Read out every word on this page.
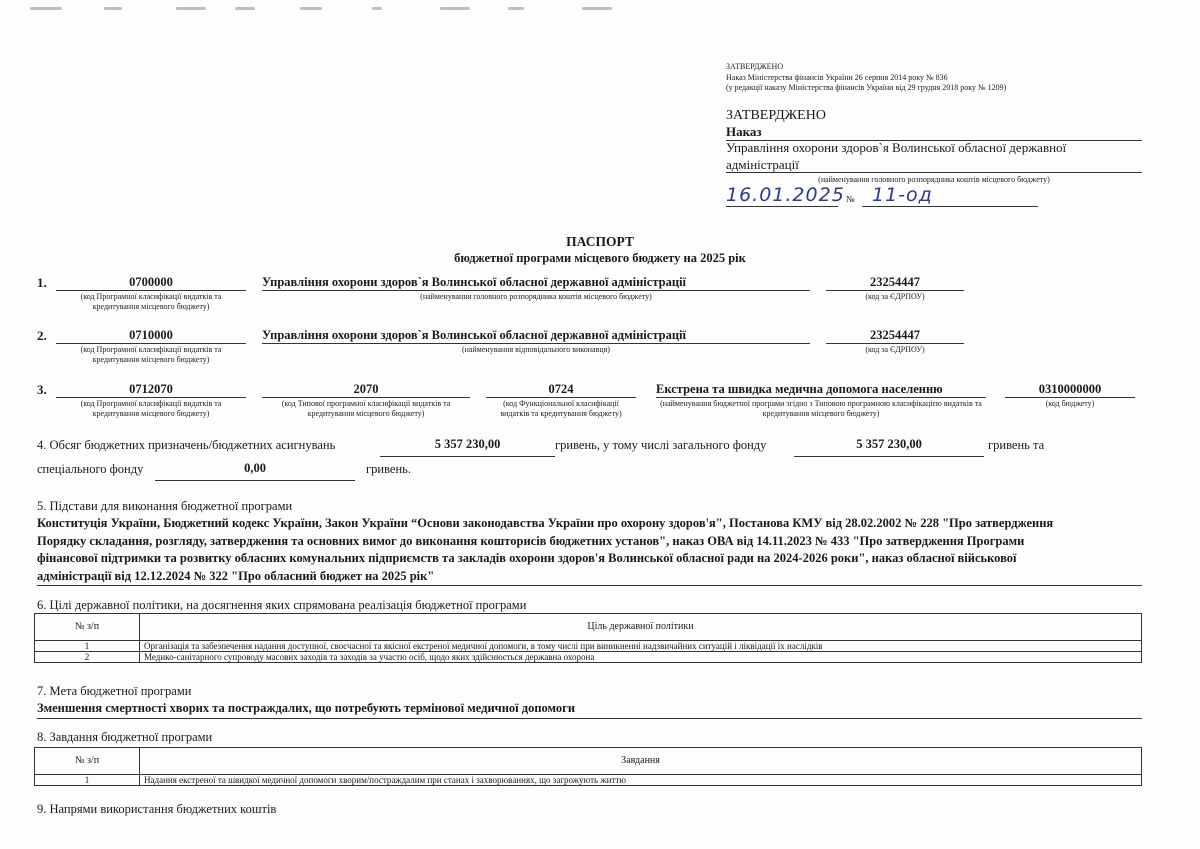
ЗАТВЕРДЖЕНО
Наказ Міністерства фінансів України 26 серпня 2014 року № 836
(у редакції наказу Міністерства фінансів України від 29 грудня 2018 року № 1209)
ЗАТВЕРДЖЕНО
Наказ
Управління охорони здоров`я Волинської обласної державної адміністрації
(найменування головного розпорядника коштів місцевого бюджету)
16.01.2025 № 11-од
ПАСПОРТ
бюджетної програми місцевого бюджету на 2025 рік
1.	0700000
(код Програмної класифікації видатків та кредитування місцевого бюджету)
Управління охорони здоров`я Волинської обласної державної адміністрації
(найменування головного розпорядника коштів місцевого бюджету)
23254447
(код за ЄДРПОУ)
2.	0710000
(код Програмної класифікації видатків та кредитування місцевого бюджету)
Управління охорони здоров`я Волинської обласної державної адміністрації
(найменування відповідального виконавця)
23254447
(код за ЄДРПОУ)
3.	0712070
(код Програмної класифікації видатків та кредитування місцевого бюджету)
2070
(код Типової програмної класифікації видатків та кредитування місцевого бюджету)
0724
(код Функціональної класифікації видатків та кредитування бюджету)
Екстрена та швидка медична допомога населенню
(найменування бюджетної програми згідно з Типовою програмною класифікацією видатків та кредитування місцевого бюджету)
0310000000
(код бюджету)
4. Обсяг бюджетних призначень/бюджетних асигнувань	5 357 230,00	гривень, у тому числі загального фонду	5 357 230,00	гривень та
спеціального фонду	0,00	гривень.
5. Підстави для виконання бюджетної програми
Конституція України, Бюджетний кодекс України, Закон України “Основи законодавства України про охорону здоров'я", Постанова КМУ від 28.02.2002 № 228 "Про затвердження
Порядку складання, розгляду, затвердження та основних вимог до виконання кошторисів бюджетних установ", наказ ОВА від 14.11.2023 № 433 "Про затвердження Програми
фінансової підтримки та розвитку обласних комунальних підприємств та закладів охорони здоров'я Волинської обласної ради на 2024-2026 роки", наказ обласної військової
адміністрації від 12.12.2024 № 322 "Про обласний бюджет на 2025 рік"
6. Цілі державної політики, на досягнення яких спрямована реалізація бюджетної програми
№ з/п	Ціль державної політики
1	Організація та забезпечення надання доступної, своєчасної та якісної екстреної медичної допомоги, в тому числі при виникненні надзвичайних ситуацій і ліквідації їх наслідків
2	Медико-санітарного супроводу масових заходів та заходів за участю осіб, щодо яких здійснюється державна охорона
7. Мета бюджетної програми
Зменшення смертності хворих та постраждалих, що потребують термінової медичної допомоги
8. Завдання бюджетної програми
№ з/п	Завдання
1	Надання екстреної та швидкої медичної допомоги хворим/постраждалим при станах і захворюваннях, що загрожують життю
9. Напрями використання бюджетних коштів
